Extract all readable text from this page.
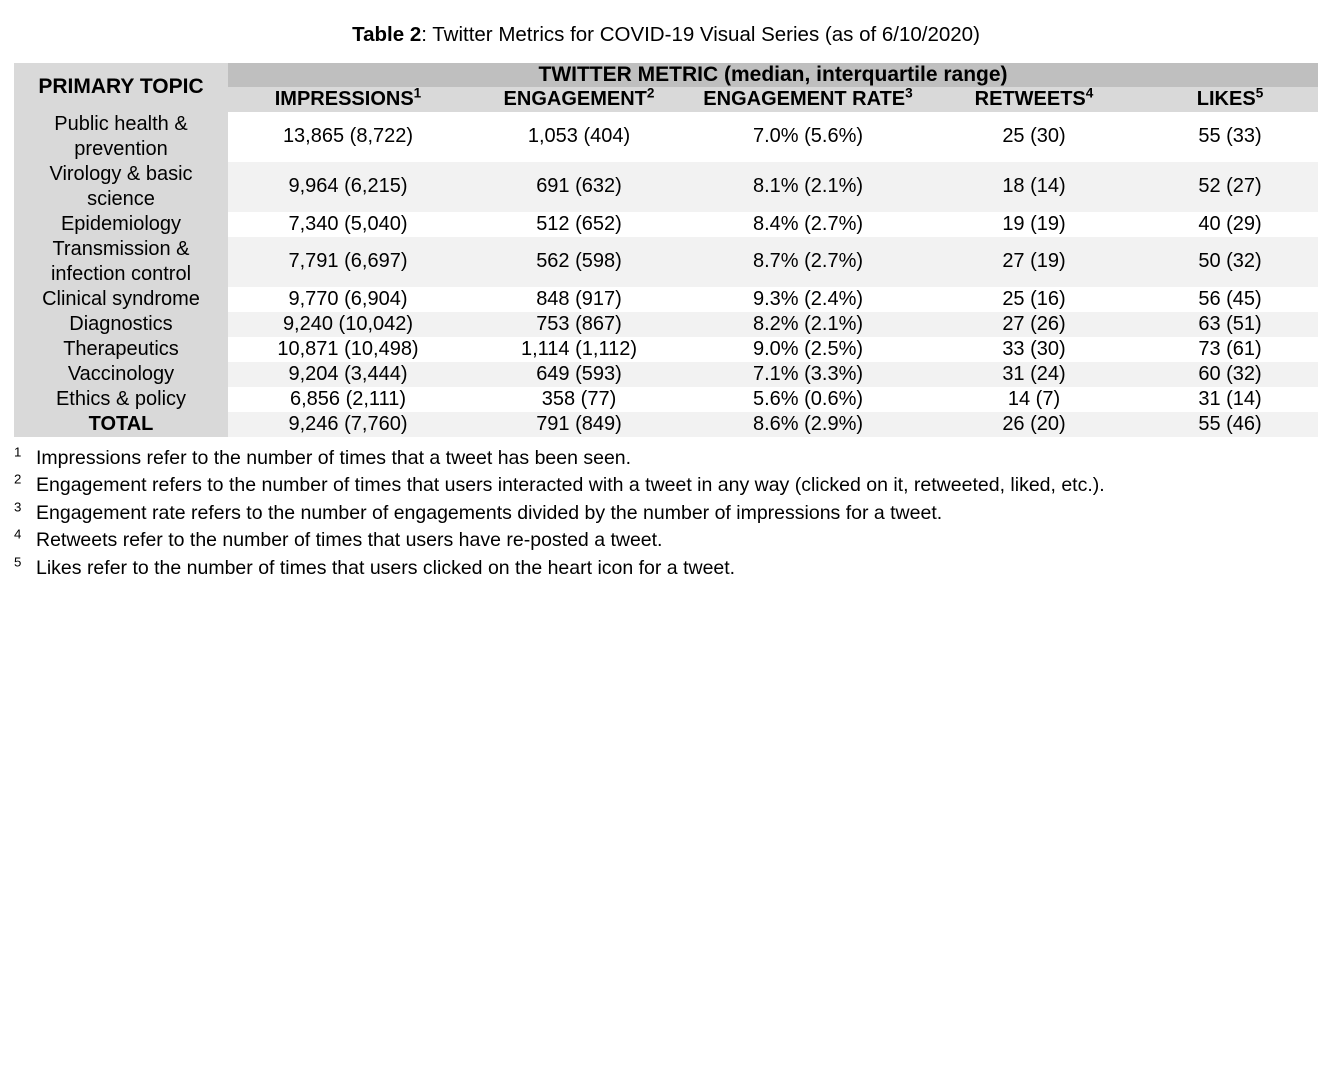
Table 2: Twitter Metrics for COVID-19 Visual Series (as of 6/10/2020)
PRIMARY TOPIC	TWITTER METRIC (median, interquartile range)				
	IMPRESSIONS$^1$	ENGAGEMENT$^2$	ENGAGEMENT RATE$^3$	RETWEETS$^4$	LIKES$^5$
Public health & prevention	13,865 (8,722)	1,053 (404)	7.0% (5.6%)	25 (30)	55 (33)
Virology & basic science	9,964 (6,215)	691 (632)	8.1% (2.1%)	18 (14)	52 (27)
Epidemiology	7,340 (5,040)	512 (652)	8.4% (2.7%)	19 (19)	40 (29)
Transmission & infection control	7,791 (6,697)	562 (598)	8.7% (2.7%)	27 (19)	50 (32)
Clinical syndrome	9,770 (6,904)	848 (917)	9.3% (2.4%)	25 (16)	56 (45)
Diagnostics	9,240 (10,042)	753 (867)	8.2% (2.1%)	27 (26)	63 (51)
Therapeutics	10,871 (10,498)	1,114 (1,112)	9.0% (2.5%)	33 (30)	73 (61)
Vaccinology	9,204 (3,444)	649 (593)	7.1% (3.3%)	31 (24)	60 (32)
Ethics & policy	6,856 (2,111)	358 (77)	5.6% (0.6%)	14 (7)	31 (14)
TOTAL	9,246 (7,760)	791 (849)	8.6% (2.9%)	26 (20)	55 (46)

$^1$ Impressions refer to the number of times that a tweet has been seen.

$^2$ Engagement refers to the number of times that users interacted with a tweet in any way (clicked on it, retweeted, liked, etc.).

$^3$ Engagement rate refers to the number of engagements divided by the number of impressions for a tweet.

$^4$ Retweets refer to the number of times that users have re-posted a tweet.

$^5$ Likes refer to the number of times that users clicked on the heart icon for a tweet.
